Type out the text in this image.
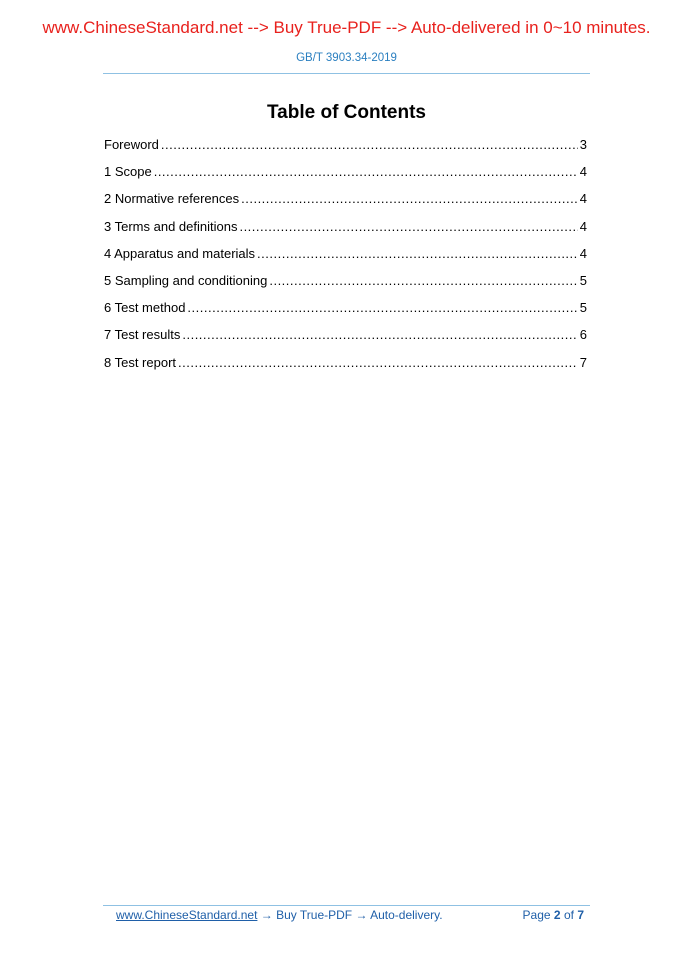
www.ChineseStandard.net --> Buy True-PDF --> Auto-delivered in 0~10 minutes.
GB/T 3903.34-2019
Table of Contents
Foreword .....	3
1 Scope .....	4
2 Normative references .....	4
3 Terms and definitions .....	4
4 Apparatus and materials .....	4
5 Sampling and conditioning .....	5
6 Test method .....	5
7 Test results .....	6
8 Test report .....	7
www.ChineseStandard.net → Buy True-PDF → Auto-delivery.	Page 2 of 7
